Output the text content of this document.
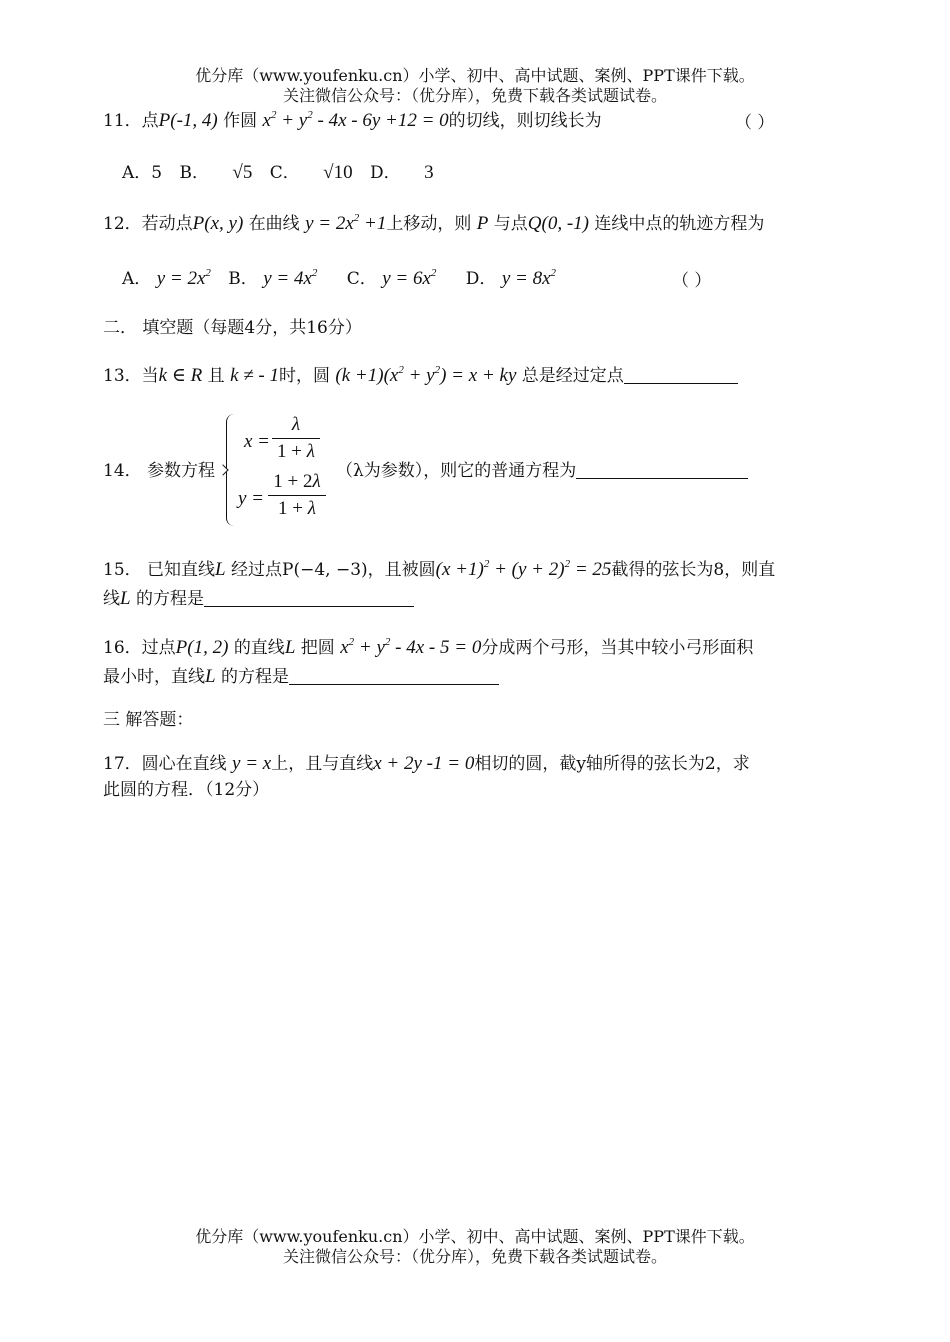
优分库（www.youfenku.cn）小学、初中、高中试题、案例、PPT课件下载。
关注微信公众号：（优分库），免费下载各类试题试卷。
11．点P(-1, 4) 作圆 $x^2 + y^2 - 4x - 6y +12 = 0$的切线，则切线长为	（ ）
A．5 B． √5 C． √10 D． 3
12．若动点P(x, y) 在曲线 $y = 2x^2 +1$上移动，则 P 与点Q(0, -1) 连线中点的轨迹方程为
A． $y = 2x^2$ B． $y = 4x^2$ C． $y = 6x^2$ D． $y = 8x^2$	（ ）
二． 填空题（每题4分，共16分）
13．当k ∈ R 且 k ≠ - 1时，圆 $(k +1)(x^2 + y^2) = x$ + ky 总是经过定点
14． 参数方程
$x = \frac{\lambda}{1 + \lambda}$
$y = \frac{1 + 2\lambda}{1 + \lambda} (\lambda$为参数），则它的普通方程为
15． 已知直线L 经过点P(−4, −3)，且被圆$(x +1)^2 + (y + 2)^2 = 25$截得的弦长为8，则直
线L 的方程是
16．过点P(1, 2) 的直线L 把圆 $x^2 + y^2 - 4x - 5 = 0$分成两个弓形，当其中较小弓形面积
最小时，直线L 的方程是
三 解答题：
17．圆心在直线 y = x上，且与直线x + 2y -1 = 0相切的圆，截y轴所得的弦长为2，求
此圆的方程．（12分）
优分库（www.youfenku.cn）小学、初中、高中试题、案例、PPT课件下载。
关注微信公众号：（优分库），免费下载各类试题试卷。
